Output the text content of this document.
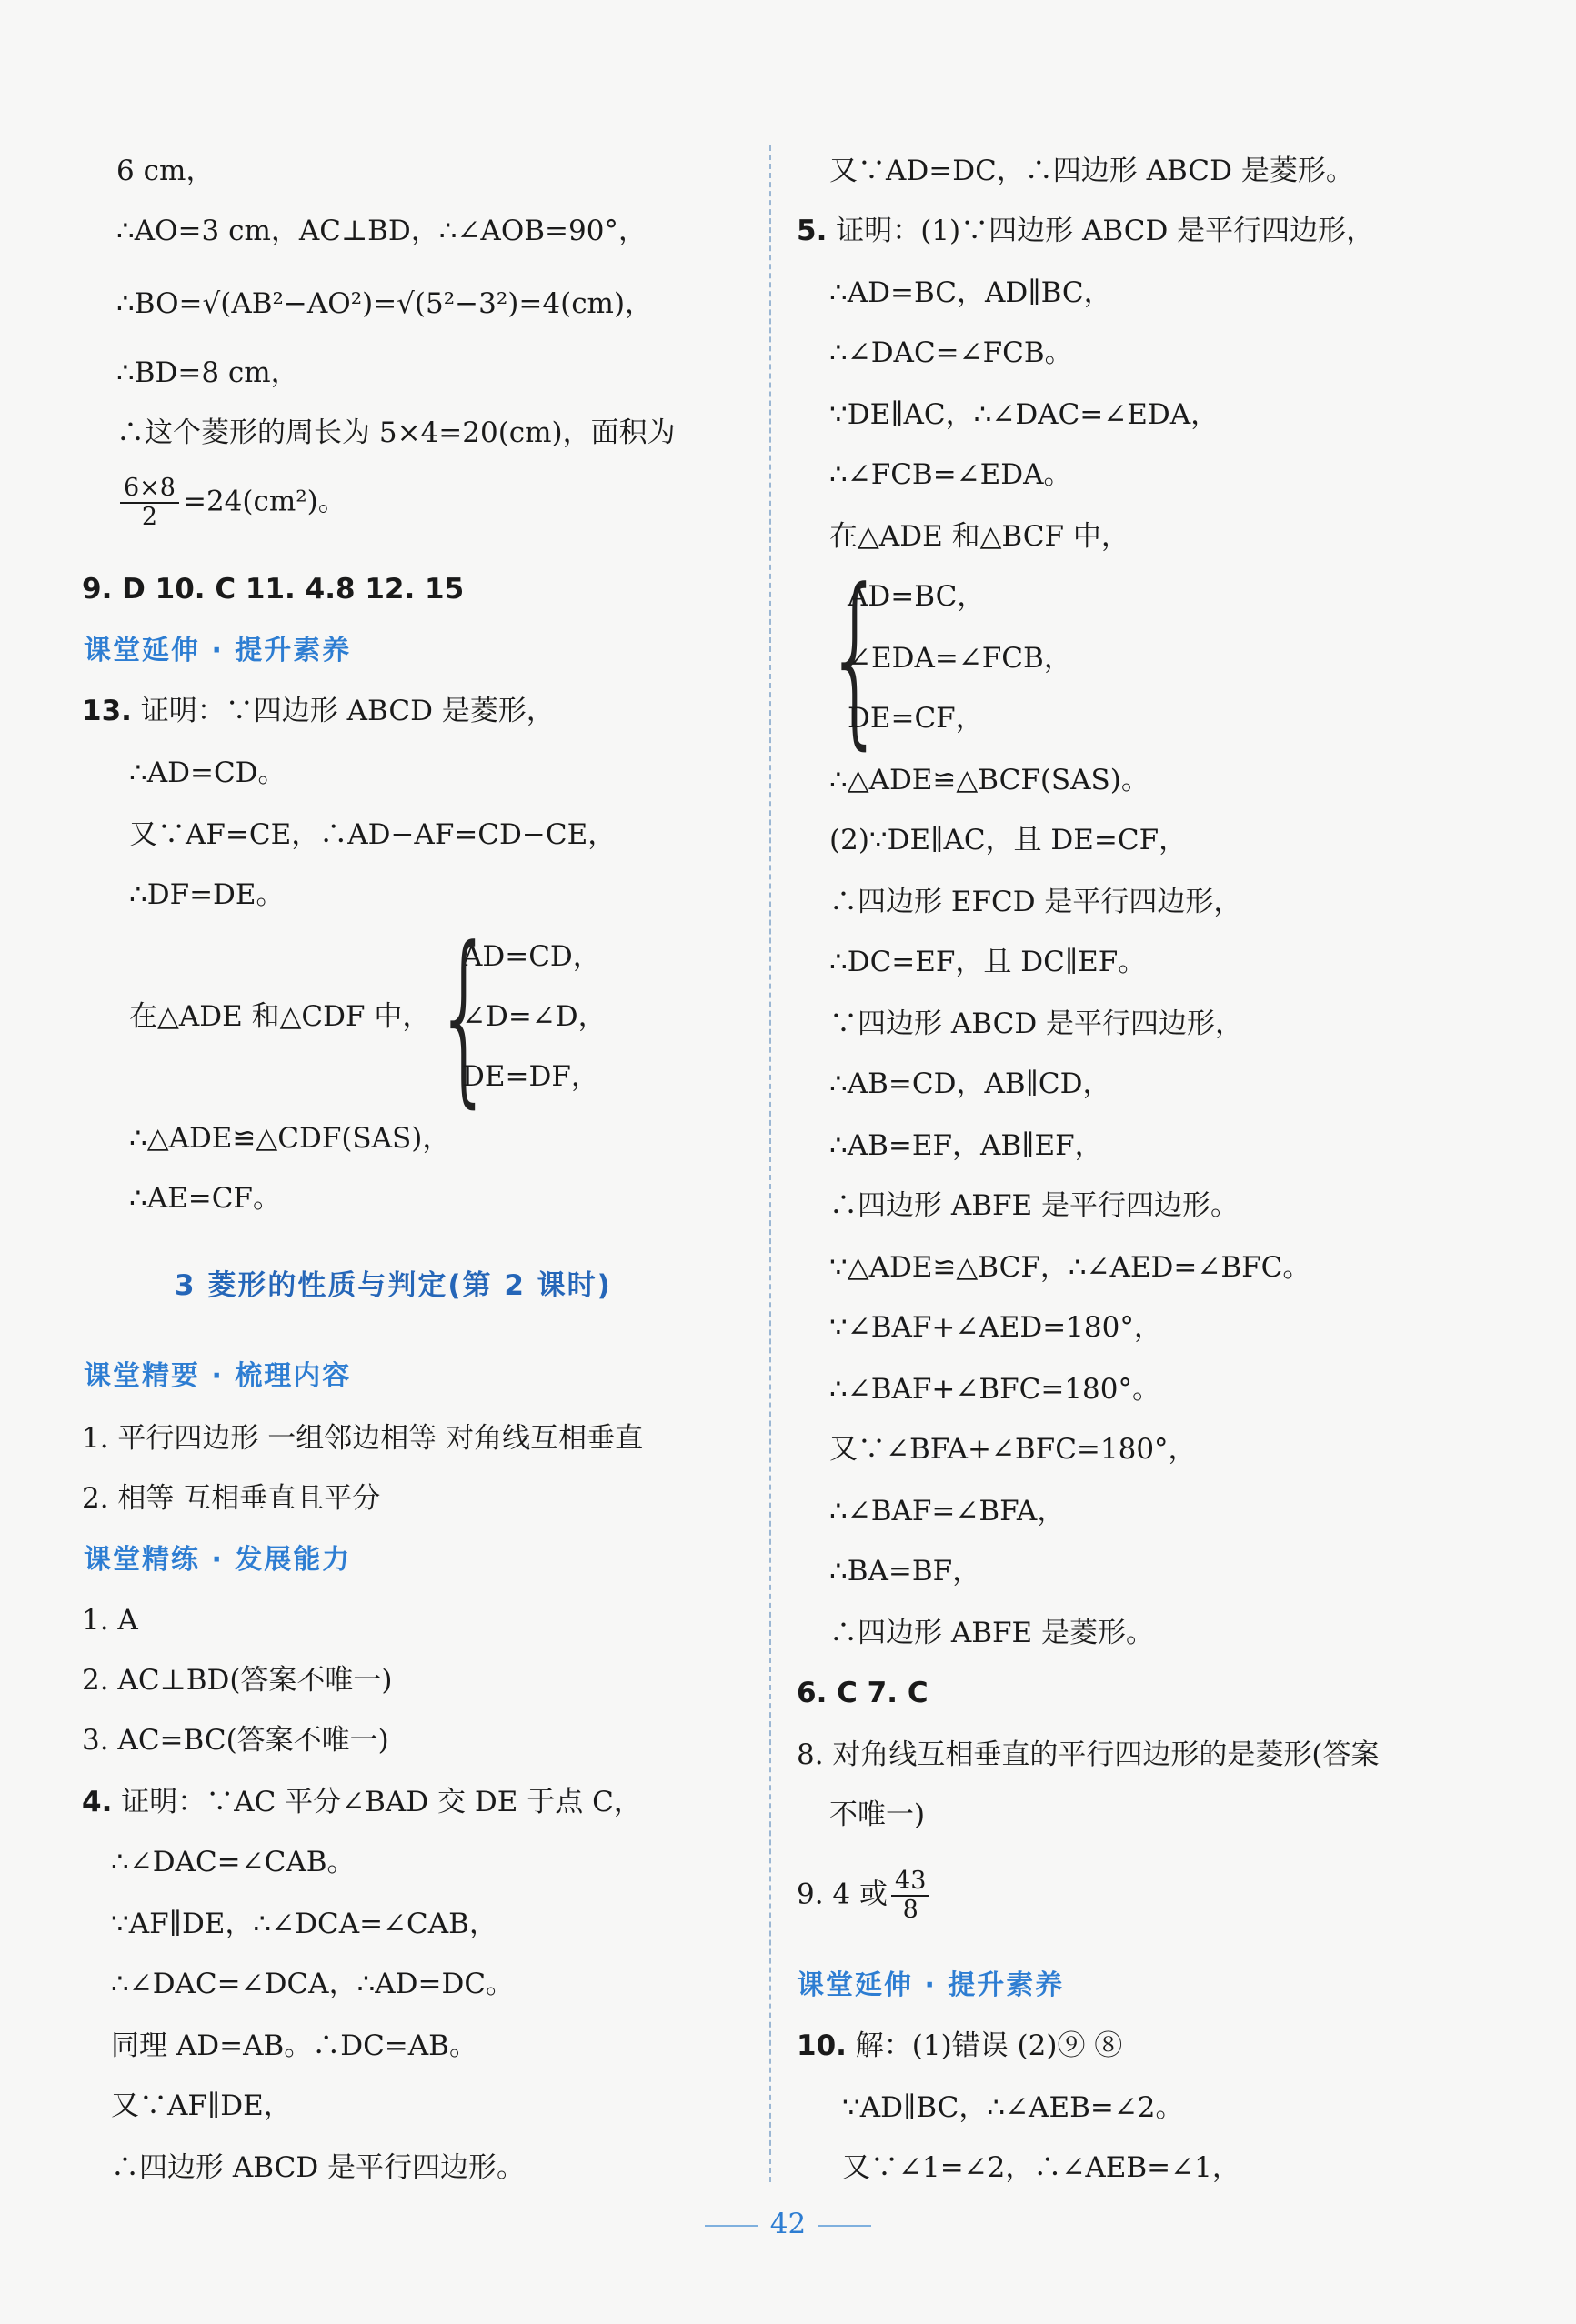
6 cm，
∴AO=3 cm，AC⊥BD，∴∠AOB=90°，
∴BO=√(AB²−AO²)=√(5²−3²)=4(cm)，
∴BD=8 cm，
∴这个菱形的周长为 5×4=20(cm)，面积为
$\frac{6\times 8}{2} =24(cm^2)$。
9. D 10. C 11. 4.8 12. 15
课堂延伸 · 提升素养
13. 证明：∵四边形 ABCD 是菱形，
∴AD=CD。
又∵AF=CE，∴AD−AF=CD−CE，
∴DF=DE。
AD=CD，
在△ADE 和△CDF 中， {
∠D=∠D，
DE=DF，
∴△ADE≌△CDF(SAS)，
∴AE=CF。
3 菱形的性质与判定(第 2 课时)
课堂精要 · 梳理内容
1. 平行四边形 一组邻边相等 对角线互相垂直
2. 相等 互相垂直且平分
课堂精练 · 发展能力
1. A
2. AC⊥BD(答案不唯一)
3. AC=BC(答案不唯一)
4. 证明：∵AC 平分∠BAD 交 DE 于点 C，
∴∠DAC=∠CAB。
∵AF∥DE，∴∠DCA=∠CAB，
∴∠DAC=∠DCA，∴AD=DC。
同理 AD=AB。∴DC=AB。
又∵AF∥DE，
∴四边形 ABCD 是平行四边形。
又∵AD=DC，∴四边形 ABCD 是菱形。
5. 证明：(1)∵四边形 ABCD 是平行四边形，
∴AD=BC，AD∥BC，
∴∠DAC=∠FCB。
∵DE∥AC，∴∠DAC=∠EDA，
∴∠FCB=∠EDA。
在△ADE 和△BCF 中，
{
AD=BC，
∠EDA=∠FCB，
DE=CF，
∴△ADE≌△BCF(SAS)。
(2)∵DE∥AC，且 DE=CF，
∴四边形 EFCD 是平行四边形，
∴DC=EF，且 DC∥EF。
∵四边形 ABCD 是平行四边形，
∴AB=CD，AB∥CD，
∴AB=EF，AB∥EF，
∴四边形 ABFE 是平行四边形。
∵△ADE≌△BCF，∴∠AED=∠BFC。
∵∠BAF+∠AED=180°，
∴∠BAF+∠BFC=180°。
又∵∠BFA+∠BFC=180°，
∴∠BAF=∠BFA，
∴BA=BF，
∴四边形 ABFE 是菱形。
6. C 7. C
8. 对角线互相垂直的平行四边形的是菱形(答案
不唯一)
9. 4 或 $\frac{43}{8}$
课堂延伸 · 提升素养
10. 解：(1)错误 (2)⑨ ⑧
∵AD∥BC，∴∠AEB=∠2。
又∵∠1=∠2，∴∠AEB=∠1，
42
